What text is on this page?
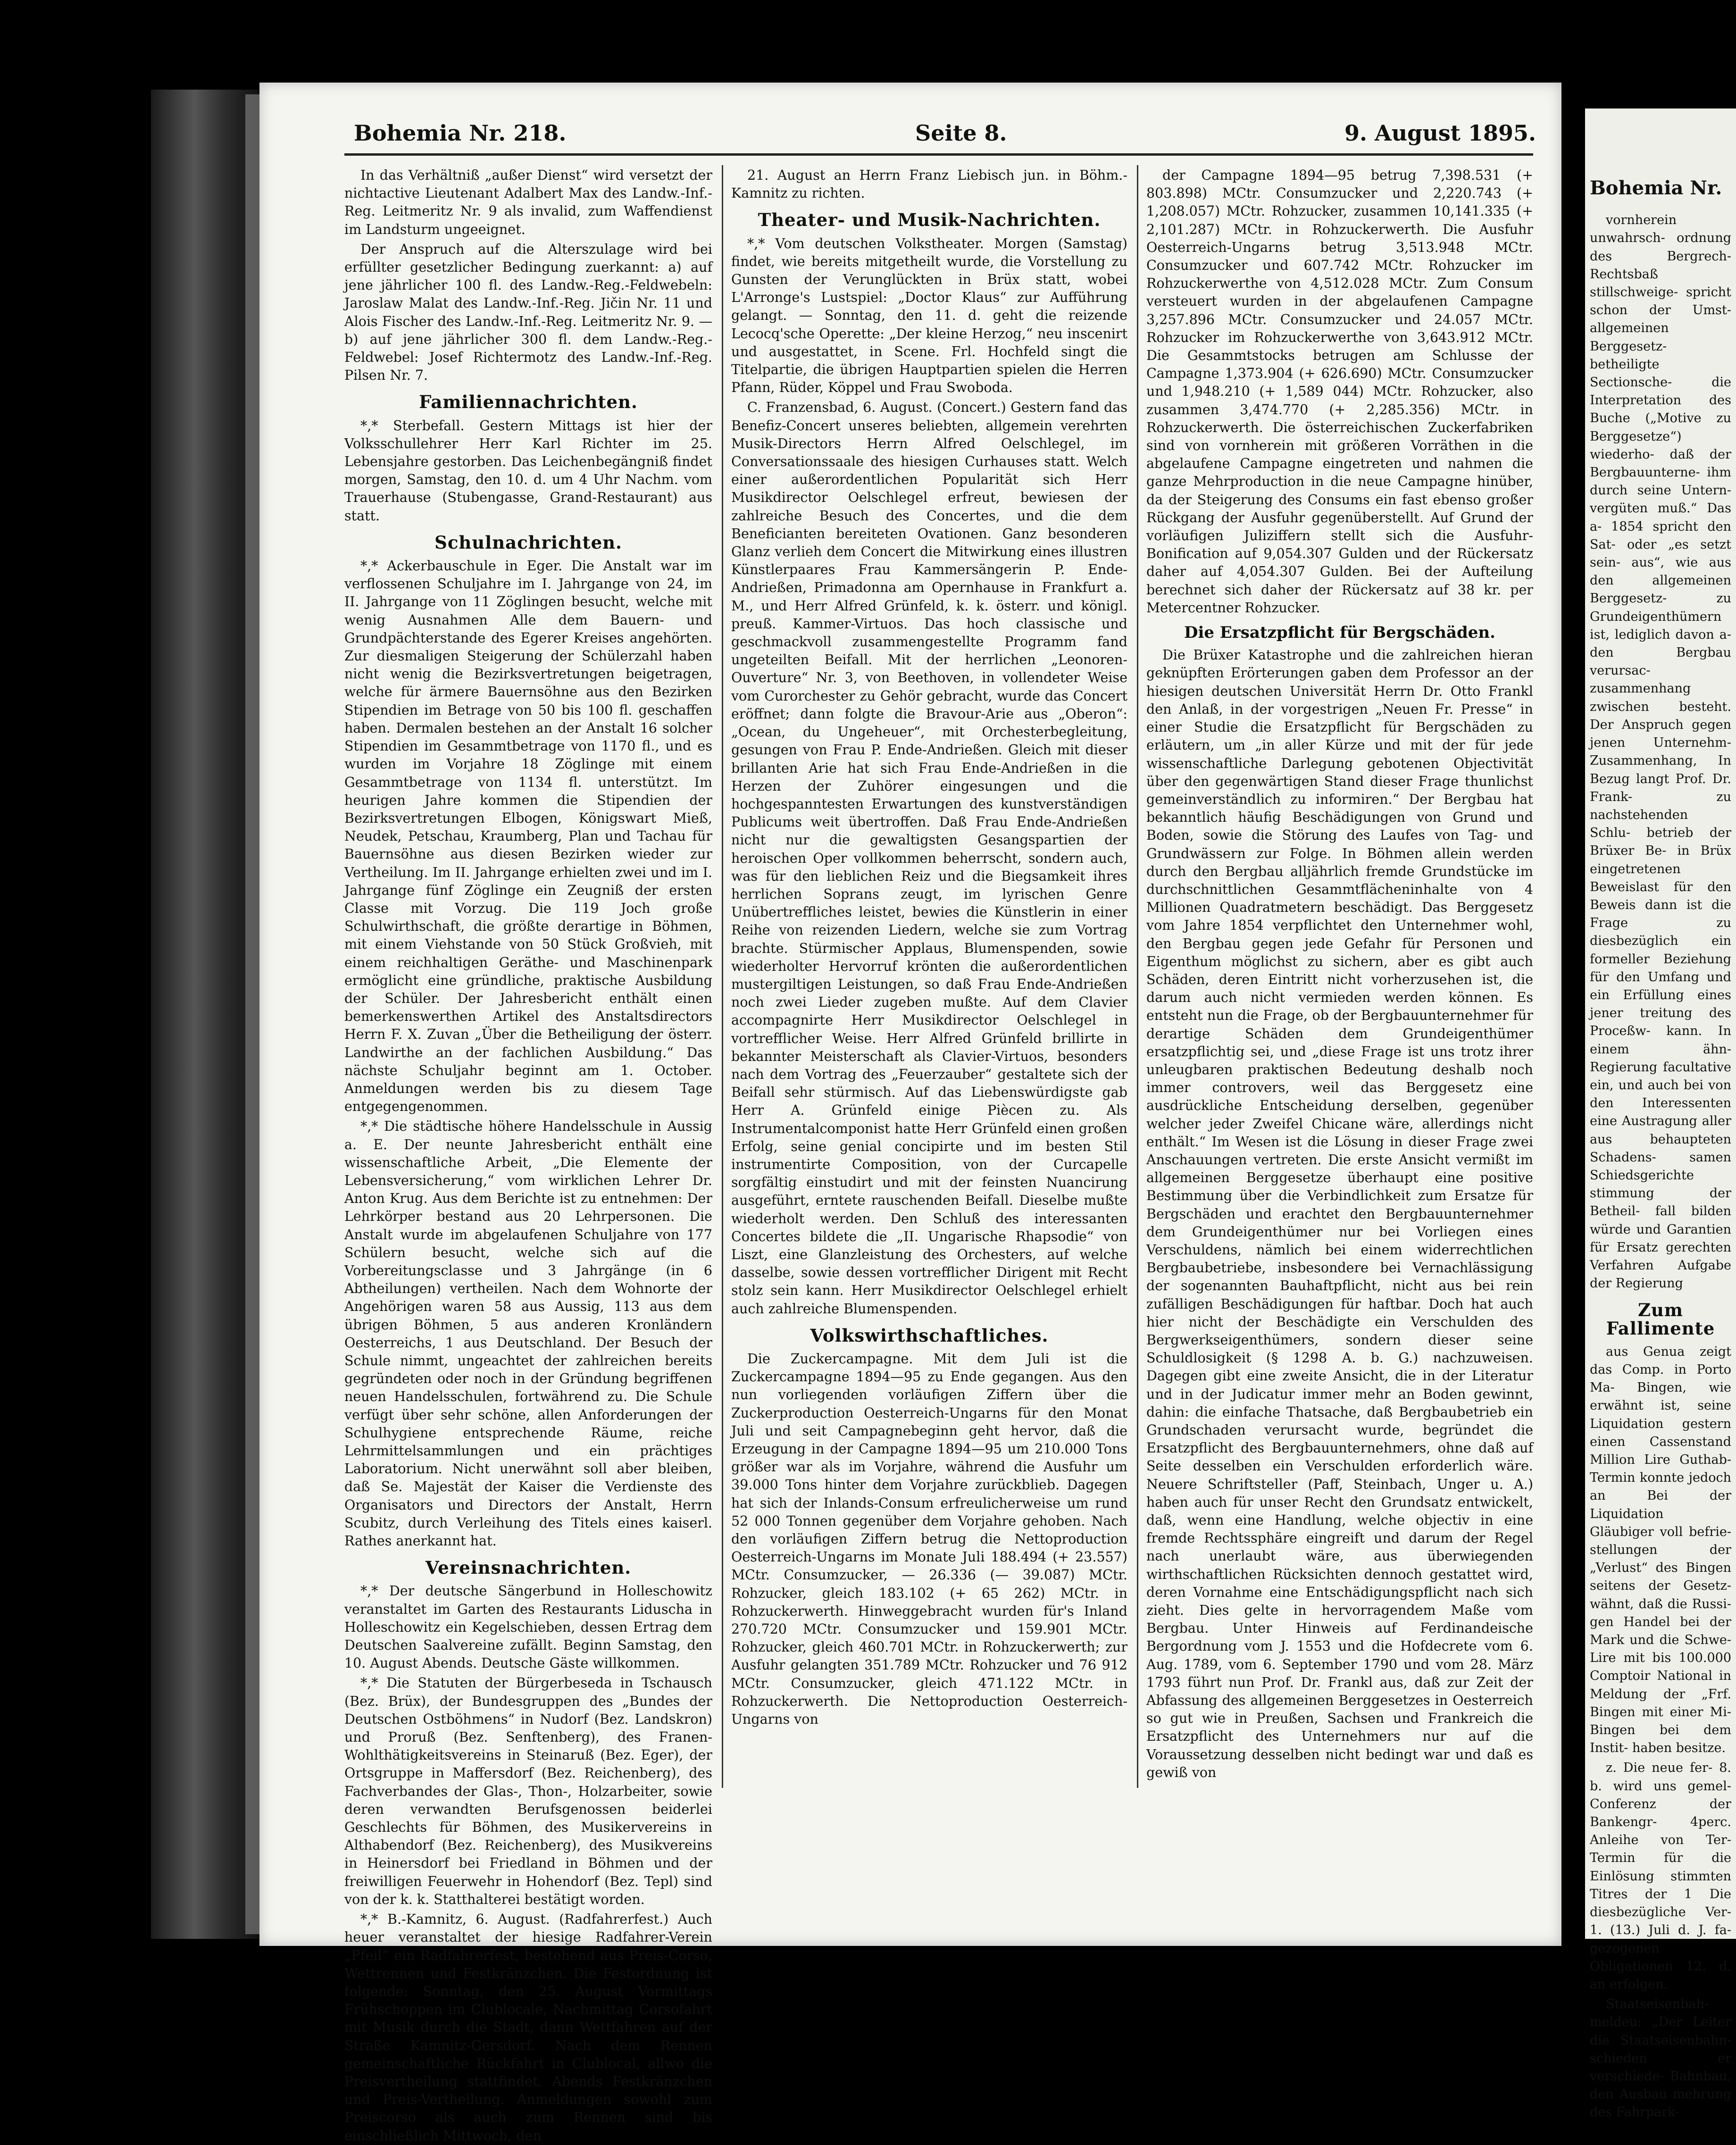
Bohemia Nr. 218.	Seite 8.	9. August 1895.

In das Verhältniß „außer Dienst“ wird versetzt der nichtactive Lieutenant Adalbert Max des Landw.-Inf.-Reg. Leitmeritz Nr. 9 als invalid, zum Waffendienst im Landsturm ungeeignet.

Der Anspruch auf die Alterszulage wird bei erfüllter gesetzlicher Bedingung zuerkannt: a) auf jene jährlicher 100 fl. des Landw.-Reg.-Feldwebeln: Jaroslaw Malat des Landw.-Inf.-Reg. Jičin Nr. 11 und Alois Fischer des Landw.-Inf.-Reg. Leitmeritz Nr. 9. — b) auf jene jährlicher 300 fl. dem Landw.-Reg.-Feldwebel: Josef Richtermotz des Landw.-Inf.-Reg. Pilsen Nr. 7.

Familiennachrichten.

*,* Sterbefall. Gestern Mittags ist hier der Volksschullehrer Herr Karl Richter im 25. Lebensjahre gestorben. Das Leichenbegängniß findet morgen, Samstag, den 10. d. um 4 Uhr Nachm. vom Trauerhause (Stubengasse, Grand-Restaurant) aus statt.

Schulnachrichten.

*,* Ackerbauschule in Eger. Die Anstalt war im verflossenen Schuljahre im I. Jahrgange von 24, im II. Jahrgange von 11 Zöglingen besucht, welche mit wenig Ausnahmen Alle dem Bauern- und Grundpächterstande des Egerer Kreises angehörten. Zur diesmaligen Steigerung der Schülerzahl haben nicht wenig die Bezirksvertretungen beigetragen, welche für ärmere Bauernsöhne aus den Bezirken Stipendien im Betrage von 50 bis 100 fl. geschaffen haben. Dermalen bestehen an der Anstalt 16 solcher Stipendien im Gesammtbetrage von 1170 fl., und es wurden im Vorjahre 18 Zöglinge mit einem Gesammtbetrage von 1134 fl. unterstützt. Im heurigen Jahre kommen die Stipendien der Bezirksvertretungen Elbogen, Königswart Mieß, Neudek, Petschau, Kraumberg, Plan und Tachau für Bauernsöhne aus diesen Bezirken wieder zur Vertheilung. Im II. Jahrgange erhielten zwei und im I. Jahrgange fünf Zöglinge ein Zeugniß der ersten Classe mit Vorzug. Die 119 Joch große Schulwirthschaft, die größte derartige in Böhmen, mit einem Viehstande von 50 Stück Großvieh, mit einem reichhaltigen Geräthe- und Maschinenpark ermöglicht eine gründliche, praktische Ausbildung der Schüler. Der Jahresbericht enthält einen bemerkenswerthen Artikel des Anstaltsdirectors Herrn F. X. Zuvan „Über die Betheiligung der österr. Landwirthe an der fachlichen Ausbildung.“ Das nächste Schuljahr beginnt am 1. October. Anmeldungen werden bis zu diesem Tage entgegengenommen.

*,* Die städtische höhere Handelsschule in Aussig a. E. Der neunte Jahresbericht enthält eine wissenschaftliche Arbeit, „Die Elemente der Lebensversicherung,“ vom wirklichen Lehrer Dr. Anton Krug. Aus dem Berichte ist zu entnehmen: Der Lehrkörper bestand aus 20 Lehrpersonen. Die Anstalt wurde im abgelaufenen Schuljahre von 177 Schülern besucht, welche sich auf die Vorbereitungsclasse und 3 Jahrgänge (in 6 Abtheilungen) vertheilen. Nach dem Wohnorte der Angehörigen waren 58 aus Aussig, 113 aus dem übrigen Böhmen, 5 aus anderen Kronländern Oesterreichs, 1 aus Deutschland. Der Besuch der Schule nimmt, ungeachtet der zahlreichen bereits gegründeten oder noch in der Gründung begriffenen neuen Handelsschulen, fortwährend zu. Die Schule verfügt über sehr schöne, allen Anforderungen der Schulhygiene entsprechende Räume, reiche Lehrmittelsammlungen und ein prächtiges Laboratorium. Nicht unerwähnt soll aber bleiben, daß Se. Majestät der Kaiser die Verdienste des Organisators und Directors der Anstalt, Herrn Scubitz, durch Verleihung des Titels eines kaiserl. Rathes anerkannt hat.

Vereinsnachrichten.

*,* Der deutsche Sängerbund in Holleschowitz veranstaltet im Garten des Restaurants Liduscha in Holleschowitz ein Kegelschieben, dessen Ertrag dem Deutschen Saalvereine zufällt. Beginn Samstag, den 10. August Abends. Deutsche Gäste willkommen.

*,* Die Statuten der Bürgerbeseda in Tschausch (Bez. Brüx), der Bundesgruppen des „Bundes der Deutschen Ostböhmens“ in Nudorf (Bez. Landskron) und Proruß (Bez. Senftenberg), des Franen-Wohlthätigkeitsvereins in Steinaruß (Bez. Eger), der Ortsgruppe in Maffersdorf (Bez. Reichenberg), des Fachverbandes der Glas-, Thon-, Holzarbeiter, sowie deren verwandten Berufsgenossen beiderlei Geschlechts für Böhmen, des Musikervereins in Althabendorf (Bez. Reichenberg), des Musikvereins in Heinersdorf bei Friedland in Böhmen und der freiwilligen Feuerwehr in Hohendorf (Bez. Tepl) sind von der k. k. Statthalterei bestätigt worden.

*,* B.-Kamnitz, 6. August. (Radfahrerfest.) Auch heuer veranstaltet der hiesige Radfahrer-Verein „Pfeil“ ein Radfahrerfest, bestehend aus Preis-Corso, Wettrennen und Festkränzchen. Die Festordnung ist folgende: Sonntag, den 25. August Vormittags Frühschoppen im Clublocale, Nachmittag Corsofahrt mit Musik durch die Stadt, dann Wettfahren auf der Straße Kamnitz-Gersdorf. Nach dem Rennen gemeinschaftliche Rückfahrt in Clublocal, allwo die Preisvertheilung stattfindet. Abends Festkränzchen und Preis-Vertheilung. Anmeldungen sowohl zum Preiscorso als auch zum Rennen sind bis einschließlich Mittwoch, den

21. August an Herrn Franz Liebisch jun. in Böhm.-Kamnitz zu richten.

Theater- und Musik-Nachrichten.

*,* Vom deutschen Volkstheater. Morgen (Samstag) findet, wie bereits mitgetheilt wurde, die Vorstellung zu Gunsten der Verunglückten in Brüx statt, wobei L'Arronge's Lustspiel: „Doctor Klaus“ zur Aufführung gelangt. — Sonntag, den 11. d. geht die reizende Lecocq'sche Operette: „Der kleine Herzog,“ neu inscenirt und ausgestattet, in Scene. Frl. Hochfeld singt die Titelpartie, die übrigen Hauptpartien spielen die Herren Pfann, Rüder, Köppel und Frau Swoboda.

C. Franzensbad, 6. August. (Concert.) Gestern fand das Benefiz-Concert unseres beliebten, allgemein verehrten Musik-Directors Herrn Alfred Oelschlegel, im Conversationssaale des hiesigen Curhauses statt. Welch einer außerordentlichen Popularität sich Herr Musikdirector Oelschlegel erfreut, bewiesen der zahlreiche Besuch des Concertes, und die dem Beneficianten bereiteten Ovationen. Ganz besonderen Glanz verlieh dem Concert die Mitwirkung eines illustren Künstlerpaares Frau Kammersängerin P. Ende-Andrießen, Primadonna am Opernhause in Frankfurt a. M., und Herr Alfred Grünfeld, k. k. österr. und königl. preuß. Kammer-Virtuos. Das hoch classische und geschmackvoll zusammengestellte Programm fand ungeteilten Beifall. Mit der herrlichen „Leonoren-Ouverture“ Nr. 3, von Beethoven, in vollendeter Weise vom Curorchester zu Gehör gebracht, wurde das Concert eröffnet; dann folgte die Bravour-Arie aus „Oberon“: „Ocean, du Ungeheuer“, mit Orchesterbegleitung, gesungen von Frau P. Ende-Andrießen. Gleich mit dieser brillanten Arie hat sich Frau Ende-Andrießen in die Herzen der Zuhörer eingesungen und die hochgespanntesten Erwartungen des kunstverständigen Publicums weit übertroffen. Daß Frau Ende-Andrießen nicht nur die gewaltigsten Gesangspartien der heroischen Oper vollkommen beherrscht, sondern auch, was für den lieblichen Reiz und die Biegsamkeit ihres herrlichen Soprans zeugt, im lyrischen Genre Unübertreffliches leistet, bewies die Künstlerin in einer Reihe von reizenden Liedern, welche sie zum Vortrag brachte. Stürmischer Applaus, Blumenspenden, sowie wiederholter Hervorruf krönten die außerordentlichen mustergiltigen Leistungen, so daß Frau Ende-Andrießen noch zwei Lieder zugeben mußte. Auf dem Clavier accompagnirte Herr Musikdirector Oelschlegel in vortrefflicher Weise. Herr Alfred Grünfeld brillirte in bekannter Meisterschaft als Clavier-Virtuos, besonders nach dem Vortrag des „Feuerzauber“ gestaltete sich der Beifall sehr stürmisch. Auf das Liebenswürdigste gab Herr A. Grünfeld einige Piècen zu. Als Instrumentalcomponist hatte Herr Grünfeld einen großen Erfolg, seine genial concipirte und im besten Stil instrumentirte Composition, von der Curcapelle sorgfältig einstudirt und mit der feinsten Nuancirung ausgeführt, erntete rauschenden Beifall. Dieselbe mußte wiederholt werden. Den Schluß des interessanten Concertes bildete die „II. Ungarische Rhapsodie“ von Liszt, eine Glanzleistung des Orchesters, auf welche dasselbe, sowie dessen vortrefflicher Dirigent mit Recht stolz sein kann. Herr Musikdirector Oelschlegel erhielt auch zahlreiche Blumenspenden.

Volkswirthschaftliches.

Die Zuckercampagne. Mit dem Juli ist die Zuckercampagne 1894—95 zu Ende gegangen. Aus den nun vorliegenden vorläufigen Ziffern über die Zuckerproduction Oesterreich-Ungarns für den Monat Juli und seit Campagnebeginn geht hervor, daß die Erzeugung in der Campagne 1894—95 um 210.000 Tons größer war als im Vorjahre, während die Ausfuhr um 39.000 Tons hinter dem Vorjahre zurückblieb. Dagegen hat sich der Inlands-Consum erfreulicherweise um rund 52 000 Tonnen gegenüber dem Vorjahre gehoben. Nach den vorläufigen Ziffern betrug die Nettoproduction Oesterreich-Ungarns im Monate Juli 188.494 (+ 23.557) MCtr. Consumzucker, — 26.336 (— 39.087) MCtr. Rohzucker, gleich 183.102 (+ 65 262) MCtr. in Rohzuckerwerth. Hinweggebracht wurden für's Inland 270.720 MCtr. Consumzucker und 159.901 MCtr. Rohzucker, gleich 460.701 MCtr. in Rohzuckerwerth; zur Ausfuhr gelangten 351.789 MCtr. Rohzucker und 76 912 MCtr. Consumzucker, gleich 471.122 MCtr. in Rohzuckerwerth. Die Nettoproduction Oesterreich-Ungarns von

der Campagne 1894—95 betrug 7,398.531 (+ 803.898) MCtr. Consumzucker und 2,220.743 (+ 1,208.057) MCtr. Rohzucker, zusammen 10,141.335 (+ 2,101.287) MCtr. in Rohzuckerwerth. Die Ausfuhr Oesterreich-Ungarns betrug 3,513.948 MCtr. Consumzucker und 607.742 MCtr. Rohzucker im Rohzuckerwerthe von 4,512.028 MCtr. Zum Consum versteuert wurden in der abgelaufenen Campagne 3,257.896 MCtr. Consumzucker und 24.057 MCtr. Rohzucker im Rohzuckerwerthe von 3,643.912 MCtr. Die Gesammtstocks betrugen am Schlusse der Campagne 1,373.904 (+ 626.690) MCtr. Consumzucker und 1,948.210 (+ 1,589 044) MCtr. Rohzucker, also zusammen 3,474.770 (+ 2,285.356) MCtr. in Rohzuckerwerth. Die österreichischen Zuckerfabriken sind von vornherein mit größeren Vorräthen in die abgelaufene Campagne eingetreten und nahmen die ganze Mehrproduction in die neue Campagne hinüber, da der Steigerung des Consums ein fast ebenso großer Rückgang der Ausfuhr gegenüberstellt. Auf Grund der vorläufigen Juliziffern stellt sich die Ausfuhr-Bonification auf 9,054.307 Gulden und der Rückersatz daher auf 4,054.307 Gulden. Bei der Aufteilung berechnet sich daher der Rückersatz auf 38 kr. per Metercentner Rohzucker.

Die Ersatzpflicht für Bergschäden.

Die Brüxer Katastrophe und die zahlreichen hieran geknüpften Erörterungen gaben dem Professor an der hiesigen deutschen Universität Herrn Dr. Otto Frankl den Anlaß, in der vorgestrigen „Neuen Fr. Presse“ in einer Studie die Ersatzpflicht für Bergschäden zu erläutern, um „in aller Kürze und mit der für jede wissenschaftliche Darlegung gebotenen Objectivität über den gegenwärtigen Stand dieser Frage thunlichst gemeinverständlich zu informiren.“ Der Bergbau hat bekanntlich häufig Beschädigungen von Grund und Boden, sowie die Störung des Laufes von Tag- und Grundwässern zur Folge. In Böhmen allein werden durch den Bergbau alljährlich fremde Grundstücke im durchschnittlichen Gesammtflächeninhalte von 4 Millionen Quadratmetern beschädigt. Das Berggesetz vom Jahre 1854 verpflichtet den Unternehmer wohl, den Bergbau gegen jede Gefahr für Personen und Eigenthum möglichst zu sichern, aber es gibt auch Schäden, deren Eintritt nicht vorherzusehen ist, die darum auch nicht vermieden werden können. Es entsteht nun die Frage, ob der Bergbauunternehmer für derartige Schäden dem Grundeigenthümer ersatzpflichtig sei, und „diese Frage ist uns trotz ihrer unleugbaren praktischen Bedeutung deshalb noch immer controvers, weil das Berggesetz eine ausdrückliche Entscheidung derselben, gegenüber welcher jeder Zweifel Chicane wäre, allerdings nicht enthält.“ Im Wesen ist die Lösung in dieser Frage zwei Anschauungen vertreten. Die erste Ansicht vermißt im allgemeinen Berggesetze überhaupt eine positive Bestimmung über die Verbindlichkeit zum Ersatze für Bergschäden und erachtet den Bergbauunternehmer dem Grundeigenthümer nur bei Vorliegen eines Verschuldens, nämlich bei einem widerrechtlichen Bergbaubetriebe, insbesondere bei Vernachlässigung der sogenannten Bauhaftpflicht, nicht aus bei rein zufälligen Beschädigungen für haftbar. Doch hat auch hier nicht der Beschädigte ein Verschulden des Bergwerkseigenthümers, sondern dieser seine Schuldlosigkeit (§ 1298 A. b. G.) nachzuweisen. Dagegen gibt eine zweite Ansicht, die in der Literatur und in der Judicatur immer mehr an Boden gewinnt, dahin: die einfache Thatsache, daß Bergbaubetrieb ein Grundschaden verursacht wurde, begründet die Ersatzpflicht des Bergbauunternehmers, ohne daß auf Seite desselben ein Verschulden erforderlich wäre. Neuere Schriftsteller (Paff, Steinbach, Unger u. A.) haben auch für unser Recht den Grundsatz entwickelt, daß, wenn eine Handlung, welche objectiv in eine fremde Rechtssphäre eingreift und darum der Regel nach unerlaubt wäre, aus überwiegenden wirthschaftlichen Rücksichten dennoch gestattet wird, deren Vornahme eine Entschädigungspflicht nach sich zieht. Dies gelte in hervorragendem Maße vom Bergbau. Unter Hinweis auf Ferdinandeische Bergordnung vom J. 1553 und die Hofdecrete vom 6. Aug. 1789, vom 6. September 1790 und vom 28. März 1793 führt nun Prof. Dr. Frankl aus, daß zur Zeit der Abfassung des allgemeinen Berggesetzes in Oesterreich so gut wie in Preußen, Sachsen und Frankreich die Ersatzpflicht des Unternehmers nur auf die Voraussetzung desselben nicht bedingt war und daß es gewiß von

Bohemia Nr.

vornherein unwahrsch- ordnung des Bergrech- Rechtsbaß stillschweige- spricht schon der Umst- allgemeinen Berggesetz- betheiligte Sectionsche- die Interpretation des Buche („Motive zu Berggesetze“) wiederho- daß der Bergbauunterne- ihm durch seine Untern- vergüten muß.“ Das a- 1854 spricht den Sat- oder „es setzt sein- aus“, wie aus den allgemeinen Berggesetz- zu Grundeigenthümern ist, lediglich davon a- den Bergbau verursac- zusammenhang zwischen besteht. Der Anspruch gegen jenen Unternehm- Zusammenhang, In Bezug langt Prof. Dr. Frank- zu nachstehenden Schlu- betrieb der Brüxer Be- in Brüx eingetretenen Beweislast für den Beweis dann ist die Frage zu diesbezüglich ein formeller Beziehung für den Umfang und ein Erfüllung eines jener treitung des Proceßw- kann. In einem ähn- Regierung facultative ein, und auch bei von den Interessenten eine Austragung aller aus behaupteten Schadens- samen Schiedsgerichte stimmung der Betheil- fall bilden würde und Garantien für Ersatz gerechten Verfahren Aufgabe der Regierung

Zum Fallimente

aus Genua zeigt das Comp. in Porto Ma- Bingen, wie erwähnt ist, seine Liquidation gestern einen Cassenstand Million Lire Guthab- Termin konnte jedoch an Bei der Liquidation Gläubiger voll befrie- stellungen der „Verlust“ des Bingen seitens der Gesetz- wähnt, daß die Russi- gen Handel bei der Mark und die Schwe- Lire mit bis 100.000 Comptoir National in Meldung der „Frf. Bingen mit einer Mi- Bingen bei dem Instit- haben besitze.

z. Die neue fer- 8. b. wird uns gemel- Conferenz der Bankengr- 4perc. Anleihe von Ter- Termin für die Einlösung stimmten Titres der 1 Die diesbezügliche Ver- 1. (13.) Juli d. J. fa- gezogenen Obligationen 12. d. an erfolgen.

Staatseisenbah- meldeu: „Der Leiter die Staatseisenbahn- schieden er verschiede- Bahnbau, den Ausbau mehrung des Fahrpark-
